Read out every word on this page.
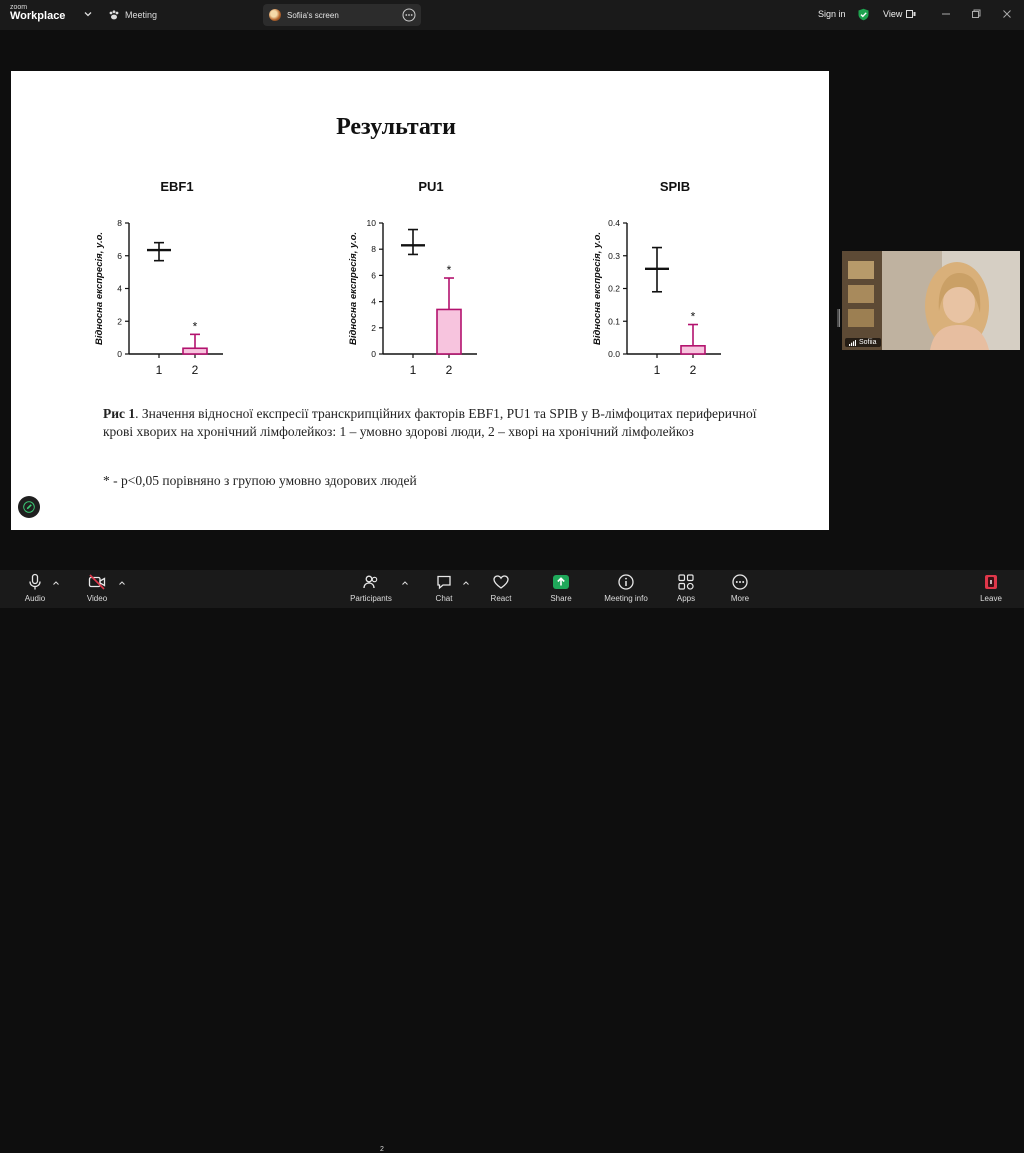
zoom
Workplace	Meeting	Sofiia's screen	Sign in	View
Результати
EBF1
Відносна експресія, у.о.
0
2
4
6
8
1 2
*
PU1
Відносна експресія, у.о.
0
2
4
6
8
10
1 2
*
SPIB
Відносна експресія, у.о.
0.0
0.1
0.2
0.3
0.4
1 2
*
Рис 1. Значення відносної експресії транскрипційних факторів EBF1, PU1 та SPIB у В-лімфоцитах периферичної крові хворих на хронічний лімфолейкоз: 1 – умовно здорові люди, 2 – хворі на хронічний лімфолейкоз
* - р<0,05 порівняно з групою умовно здорових людей
Sofiia
Audio	Video	Participants
2
Chat	React	Share	Meeting info	Apps	More	Leave
